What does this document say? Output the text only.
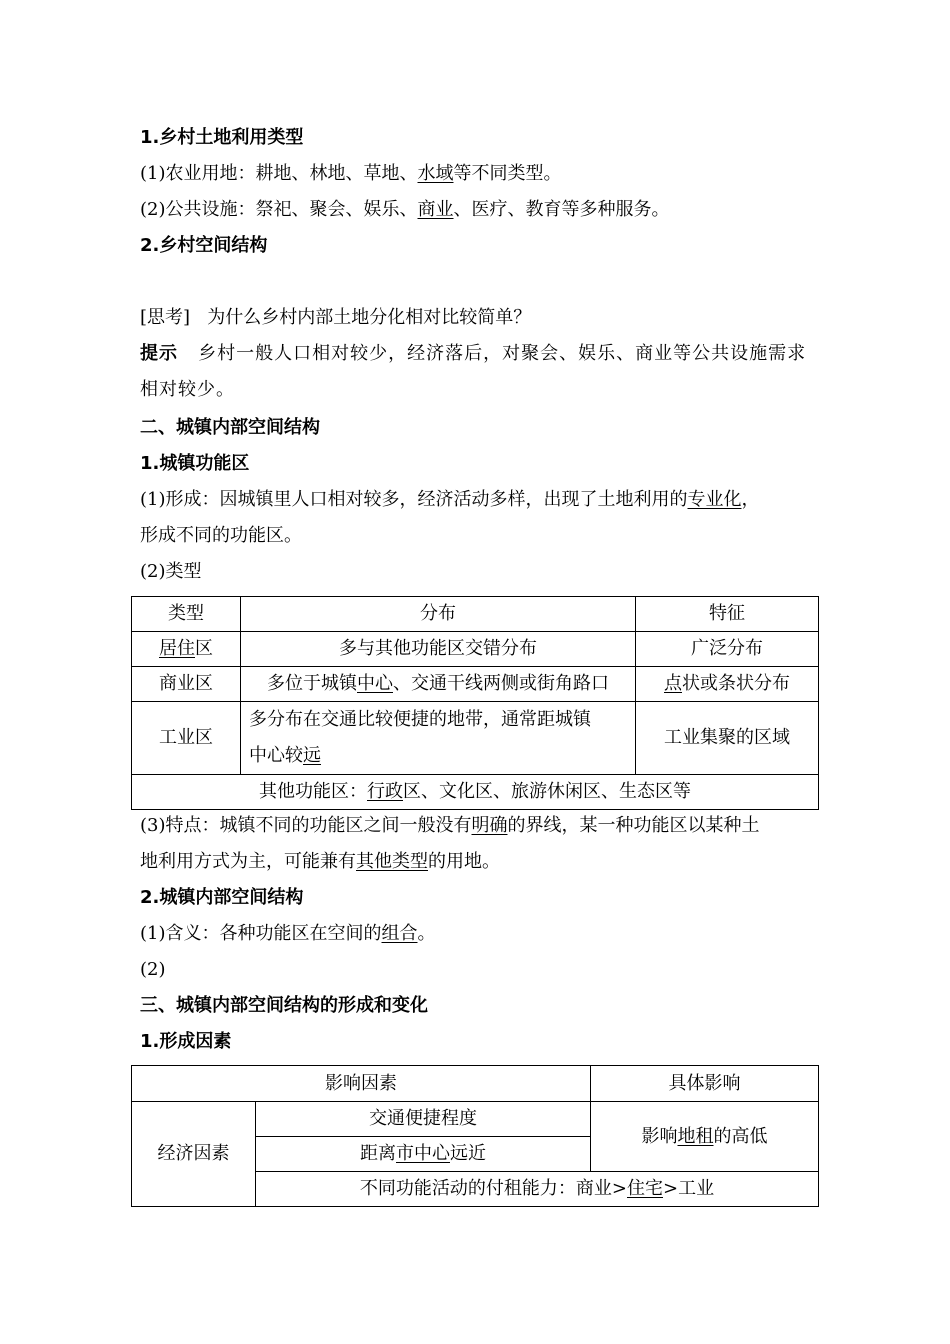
1.乡村土地利用类型
(1)农业用地：耕地、林地、草地、水域等不同类型。
(2)公共设施：祭祀、聚会、娱乐、商业、医疗、教育等多种服务。
2.乡村空间结构
[思考] 为什么乡村内部土地分化相对比较简单？
提示 乡村一般人口相对较少，经济落后，对聚会、娱乐、商业等公共设施需求
相对较少。
二、城镇内部空间结构
1.城镇功能区
(1)形成：因城镇里人口相对较多，经济活动多样，出现了土地利用的专业化，
形成不同的功能区。
(2)类型
类型	分布	特征
居住区	多与其他功能区交错分布	广泛分布
商业区	多位于城镇中心、交通干线两侧或街角路口	点状或条状分布
工业区	多分布在交通比较便捷的地带，通常距城镇
中心较远	工业集聚的区域
其他功能区：行政区、文化区、旅游休闲区、生态区等		
(3)特点：城镇不同的功能区之间一般没有明确的界线，某一种功能区以某种土
地利用方式为主，可能兼有其他类型的用地。
2.城镇内部空间结构
(1)含义：各种功能区在空间的组合。
(2)
三、城镇内部空间结构的形成和变化
1.形成因素
影响因素		具体影响
经济因素	交通便捷程度	影响地租的高低
	距离市中心远近	
	不同功能活动的付租能力：商业>住宅>工业	
